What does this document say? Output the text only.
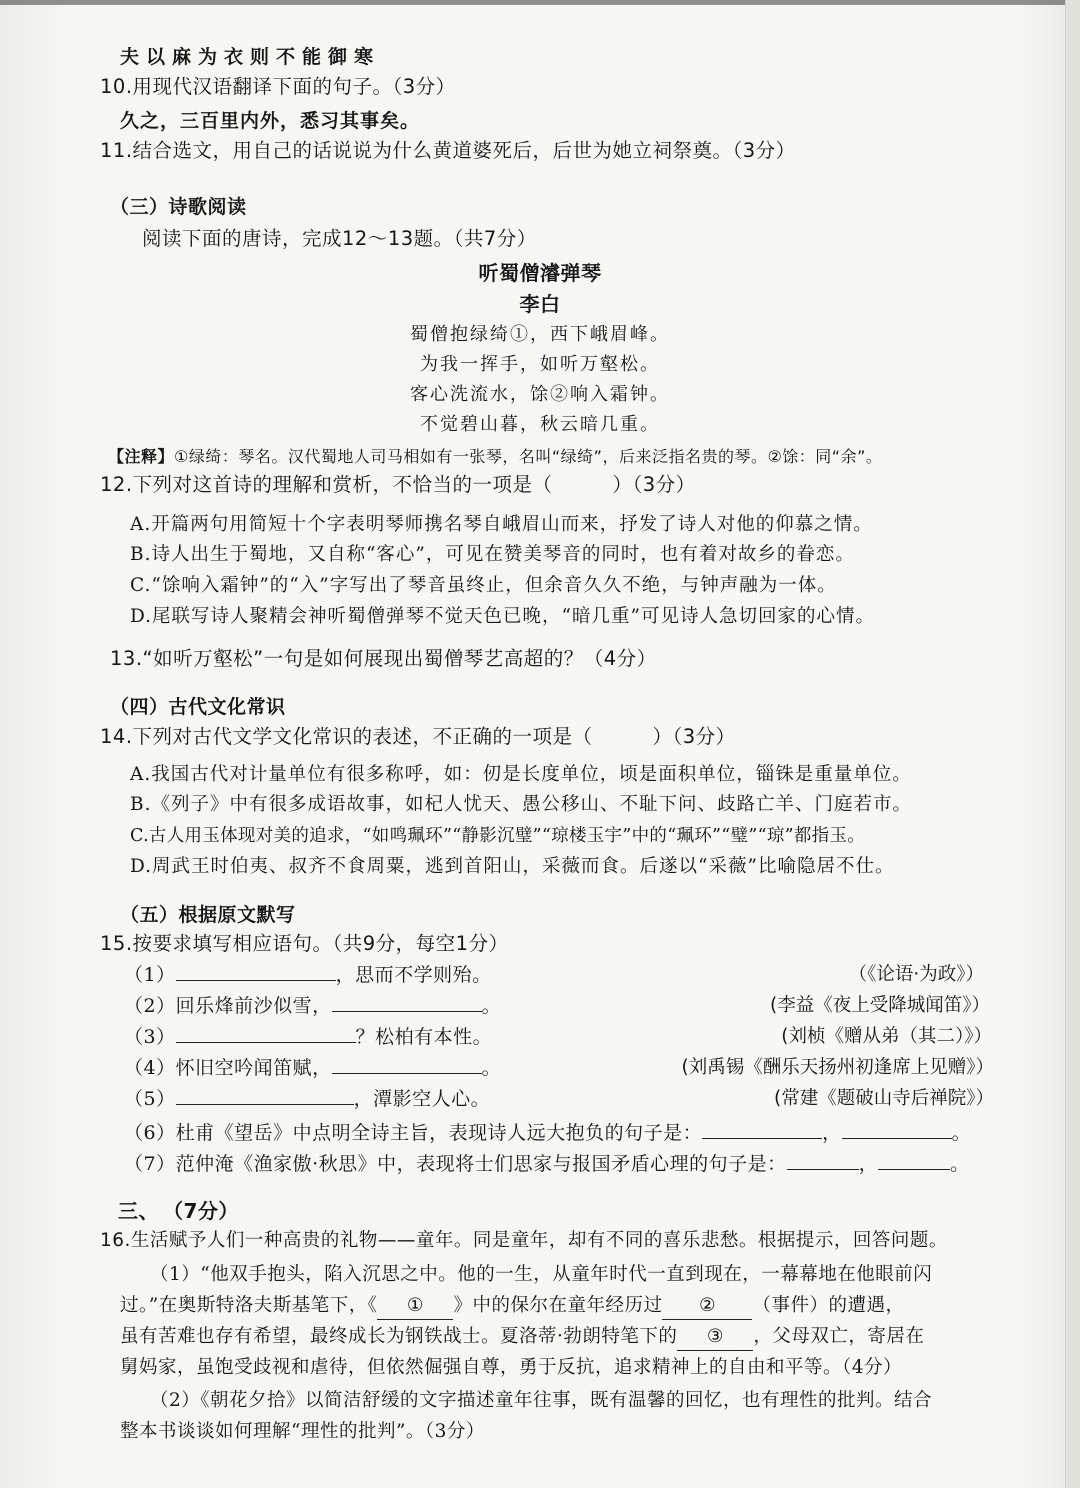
夫以麻为衣则不能御寒
10.用现代汉语翻译下面的句子。（3分）
久之，三百里内外，悉习其事矣。
11.结合选文，用自己的话说说为什么黄道婆死后，后世为她立祠祭奠。（3分）
（三）诗歌阅读
阅读下面的唐诗，完成12～13题。（共7分）
听蜀僧濬弹琴
李白
蜀僧抱绿绮①，西下峨眉峰。
为我一挥手，如听万壑松。
客心洗流水，馀②响入霜钟。
不觉碧山暮，秋云暗几重。
【注释】①绿绮：琴名。汉代蜀地人司马相如有一张琴，名叫“绿绮”，后来泛指名贵的琴。②馀：同“余”。
12.下列对这首诗的理解和赏析，不恰当的一项是（　　　）（3分）
A.开篇两句用简短十个字表明琴师携名琴自峨眉山而来，抒发了诗人对他的仰慕之情。
B.诗人出生于蜀地，又自称“客心”，可见在赞美琴音的同时，也有着对故乡的眷恋。
C.“馀响入霜钟”的“入”字写出了琴音虽终止，但余音久久不绝，与钟声融为一体。
D.尾联写诗人聚精会神听蜀僧弹琴不觉天色已晚，“暗几重”可见诗人急切回家的心情。
13.“如听万壑松”一句是如何展现出蜀僧琴艺高超的？（4分）
（四）古代文化常识
14.下列对古代文学文化常识的表述，不正确的一项是（　　　）（3分）
A.我国古代对计量单位有很多称呼，如：仞是长度单位，顷是面积单位，锱铢是重量单位。
B.《列子》中有很多成语故事，如杞人忧天、愚公移山、不耻下问、歧路亡羊、门庭若市。
C.古人用玉体现对美的追求，“如鸣珮环”“静影沉璧”“琼楼玉宇”中的“珮环”“璧”“琼”都指玉。
D.周武王时伯夷、叔齐不食周粟，逃到首阳山，采薇而食。后遂以“采薇”比喻隐居不仕。
（五）根据原文默写
15.按要求填写相应语句。（共9分，每空1分）
（1）	，思而不学则殆。	（《论语·为政》）
（2）回乐烽前沙似雪，	。	(李益《夜上受降城闻笛》）
（3）	？松柏有本性。	(刘桢《赠从弟（其二）》）
（4）怀旧空吟闻笛赋，	。	(刘禹锡《酬乐天扬州初逢席上见赠》）
（5）	，潭影空人心。	(常建《题破山寺后禅院》）
（6）杜甫《望岳》中点明全诗主旨，表现诗人远大抱负的句子是：	，	。
（7）范仲淹《渔家傲·秋思》中，表现将士们思家与报国矛盾心理的句子是：	，	。
三、 （7分）
16.生活赋予人们一种高贵的礼物——童年。同是童年，却有不同的喜乐悲愁。根据提示，回答问题。
（1）“他双手抱头，陷入沉思之中。他的一生，从童年时代一直到现在，一幕幕地在他眼前闪
过。”在奥斯特洛夫斯基笔下，《 ① 》中的保尔在童年经历过 ② （事件）的遭遇，
虽有苦难也存有希望，最终成长为钢铁战士。夏洛蒂·勃朗特笔下的 ③ ，父母双亡，寄居在
舅妈家，虽饱受歧视和虐待，但依然倔强自尊，勇于反抗，追求精神上的自由和平等。（4分）
（2）《朝花夕拾》以简洁舒缓的文字描述童年往事，既有温馨的回忆，也有理性的批判。结合
整本书谈谈如何理解“理性的批判”。（3分）
